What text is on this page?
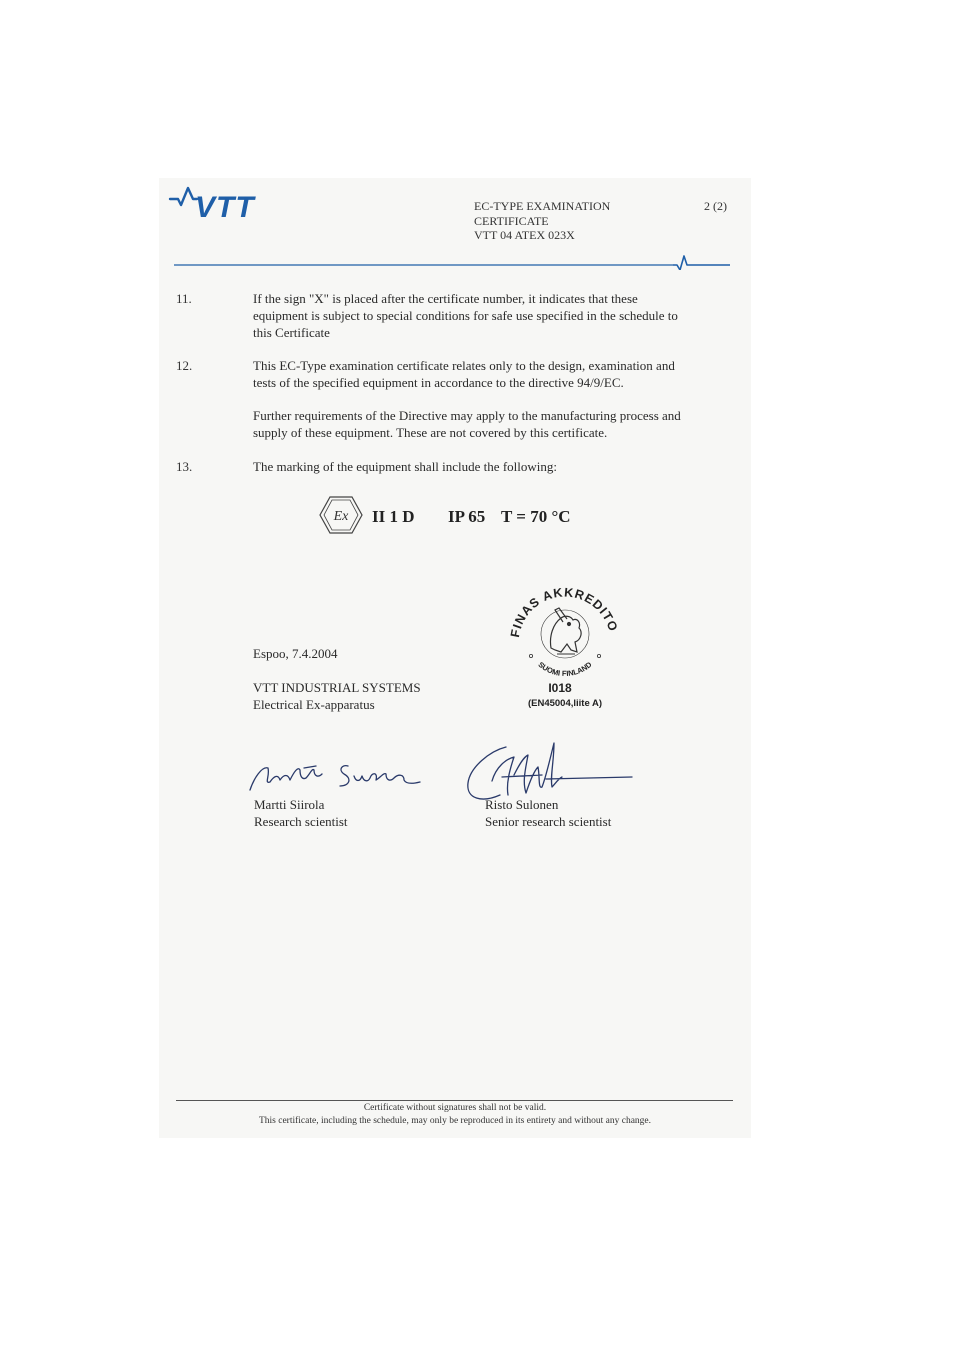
VTT	EC-TYPE EXAMINATION
CERTIFICATE
VTT 04 ATEX 023X
2 (2)
11.	If the sign "X" is placed after the certificate number, it indicates that these
equipment is subject to special conditions for safe use specified in the schedule to
this Certificate
12.	This EC-Type examination certificate relates only to the design, examination and
tests of the specified equipment in accordance to the directive 94/9/EC.
Further requirements of the Directive may apply to the manufacturing process and
supply of these equipment. These are not covered by this certificate.
13.	The marking of the equipment shall include the following:
Ex II 1 D IP 65 T = 70 °C
FINAS AKKREDITO
SUOMI FINLAND
I018
(EN45004,liite A)
Espoo, 7.4.2004
VTT INDUSTRIAL SYSTEMS
Electrical Ex-apparatus
Martti Siirola
Research scientist
Risto Sulonen
Senior research scientist
Certificate without signatures shall not be valid.
This certificate, including the schedule, may only be reproduced in its entirety and without any change.
